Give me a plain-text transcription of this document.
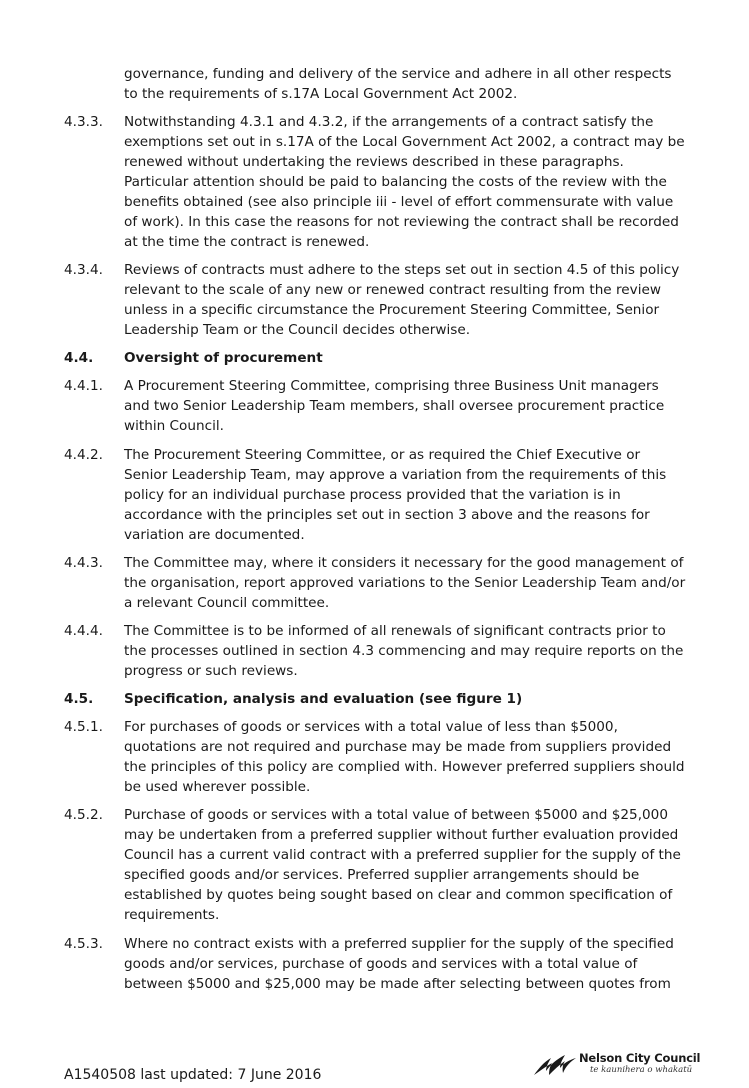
governance, funding and delivery of the service and adhere in all other respects to the requirements of s.17A Local Government Act 2002.
4.3.3.	Notwithstanding 4.3.1 and 4.3.2, if the arrangements of a contract satisfy the exemptions set out in s.17A of the Local Government Act 2002, a contract may be renewed without undertaking the reviews described in these paragraphs. Particular attention should be paid to balancing the costs of the review with the benefits obtained (see also principle iii - level of effort commensurate with value of work). In this case the reasons for not reviewing the contract shall be recorded at the time the contract is renewed.
4.3.4.	Reviews of contracts must adhere to the steps set out in section 4.5 of this policy relevant to the scale of any new or renewed contract resulting from the review unless in a specific circumstance the Procurement Steering Committee, Senior Leadership Team or the Council decides otherwise.
4.4.	Oversight of procurement
4.4.1.	A Procurement Steering Committee, comprising three Business Unit managers and two Senior Leadership Team members, shall oversee procurement practice within Council.
4.4.2.	The Procurement Steering Committee, or as required the Chief Executive or Senior Leadership Team, may approve a variation from the requirements of this policy for an individual purchase process provided that the variation is in accordance with the principles set out in section 3 above and the reasons for variation are documented.
4.4.3.	The Committee may, where it considers it necessary for the good management of the organisation, report approved variations to the Senior Leadership Team and/or a relevant Council committee.
4.4.4.	The Committee is to be informed of all renewals of significant contracts prior to the processes outlined in section 4.3 commencing and may require reports on the progress or such reviews.
4.5.	Specification, analysis and evaluation (see figure 1)
4.5.1.	For purchases of goods or services with a total value of less than $5000, quotations are not required and purchase may be made from suppliers provided the principles of this policy are complied with. However preferred suppliers should be used wherever possible.
4.5.2.	Purchase of goods or services with a total value of between $5000 and $25,000 may be undertaken from a preferred supplier without further evaluation provided Council has a current valid contract with a preferred supplier for the supply of the specified goods and/or services. Preferred supplier arrangements should be established by quotes being sought based on clear and common specification of requirements.
4.5.3.	Where no contract exists with a preferred supplier for the supply of the specified goods and/or services, purchase of goods and services with a total value of between $5000 and $25,000 may be made after selecting between quotes from
A1540508 last updated: 7 June 2016
Nelson City Council
te kaunihera o whakatū
